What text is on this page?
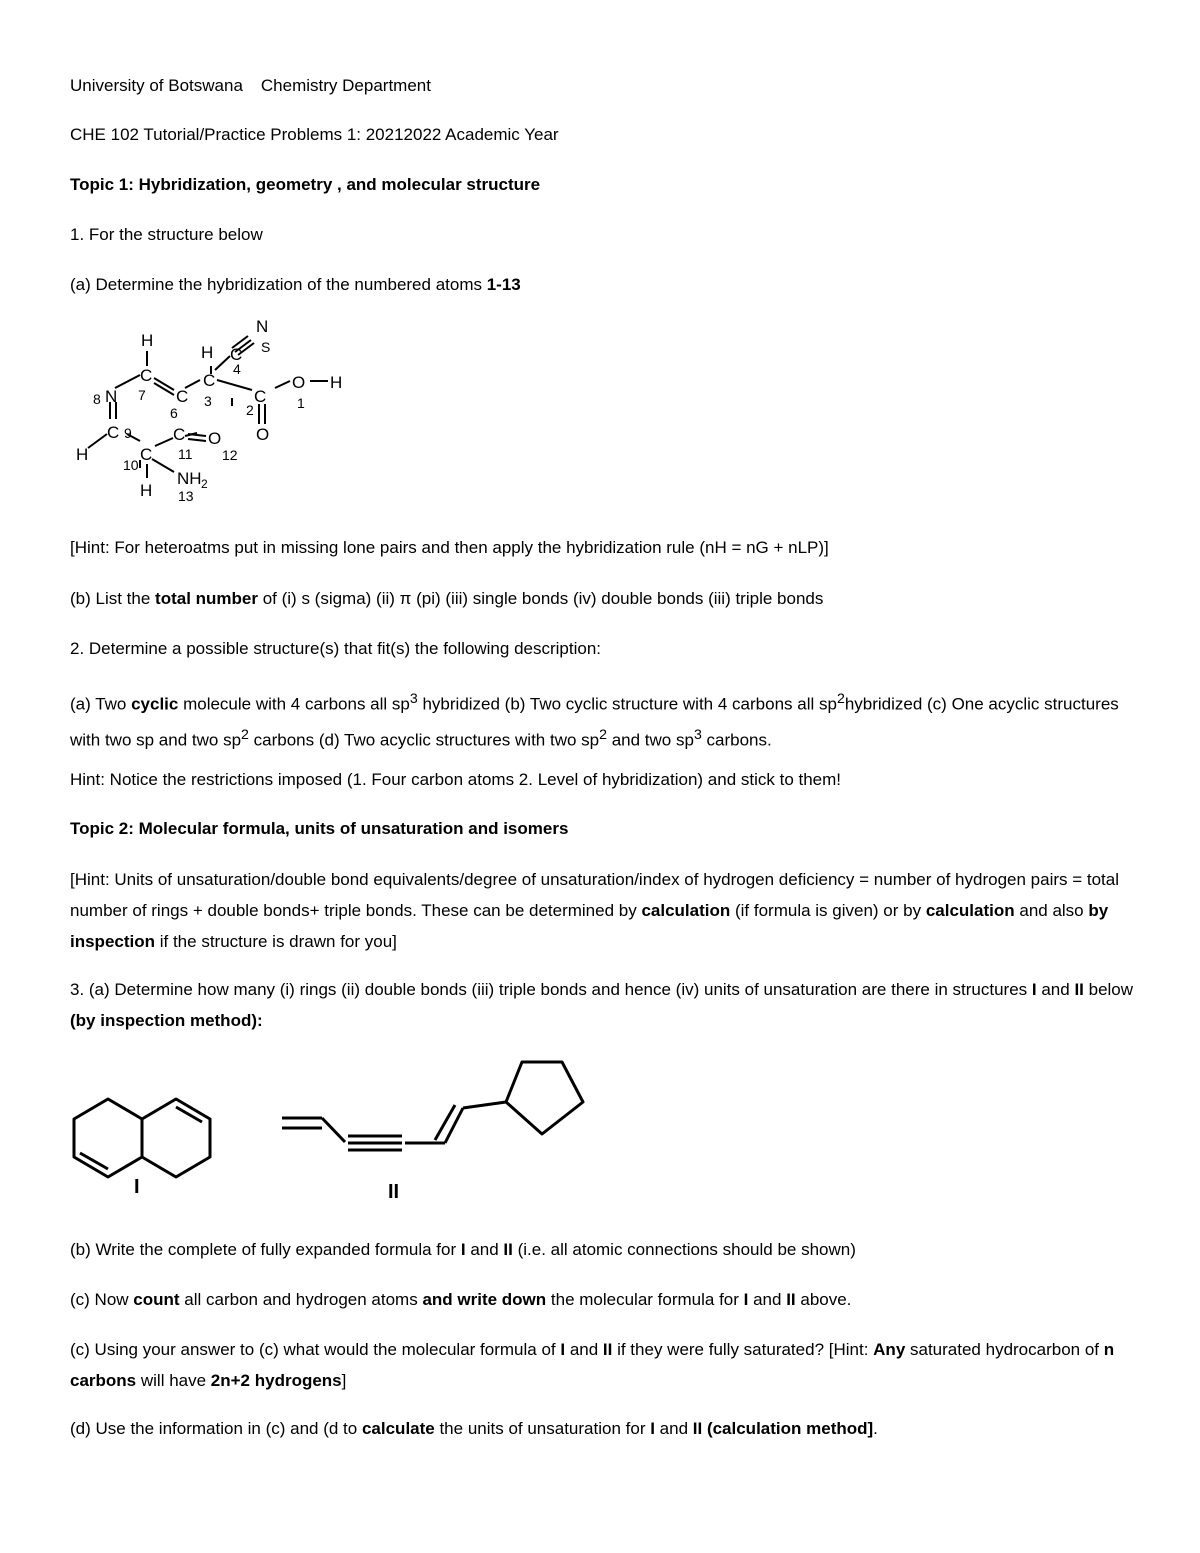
University of Botswana Chemistry Department
CHE 102 Tutorial/Practice Problems 1: 20212022 Academic Year
Topic 1: Hybridization, geometry , and molecular structure
1. For the structure below
(a) Determine the hybridization of the numbered atoms 1-13
H
H
C
N
C
C
C	C
O H
O
N
C	C O
C
H
H
NH 2
S
8	7	3
4
1
2
6
9
11 12
10
13
[Hint: For heteroatms put in missing lone pairs and then apply the hybridization rule (nH = nG + nLP)]
(b) List the total number of (i) s (sigma) (ii) π (pi) (iii) single bonds (iv) double bonds (iii) triple bonds
2. Determine a possible structure(s) that fit(s) the following description:
(a) Two cyclic molecule with 4 carbons all $sp^3$ hybridized (b) Two cyclic structure with 4 carbons all $sp^2hybridized$ (c) One acyclic structures with two sp and two $sp^2$ carbons (d) Two acyclic structures with two $sp^2$ and two $sp^3$ carbons.
Hint: Notice the restrictions imposed (1. Four carbon atoms 2. Level of hybridization) and stick to them!
Topic 2: Molecular formula, units of unsaturation and isomers
[Hint: Units of unsaturation/double bond equivalents/degree of unsaturation/index of hydrogen deficiency = number of hydrogen pairs = total number of rings + double bonds+ triple bonds. These can be determined by calculation (if formula is given) or by calculation and also by inspection if the structure is drawn for you]
3. (a) Determine how many (i) rings (ii) double bonds (iii) triple bonds and hence (iv) units of unsaturation are there in structures I and II below (by inspection method):
I	II
(b) Write the complete of fully expanded formula for I and II (i.e. all atomic connections should be shown)
(c) Now count all carbon and hydrogen atoms and write down the molecular formula for I and II above.
(c) Using your answer to (c) what would the molecular formula of I and II if they were fully saturated? [Hint: Any saturated hydrocarbon of n carbons will have 2n+2 hydrogens]
(d) Use the information in (c) and (d to calculate the units of unsaturation for I and II (calculation method].
